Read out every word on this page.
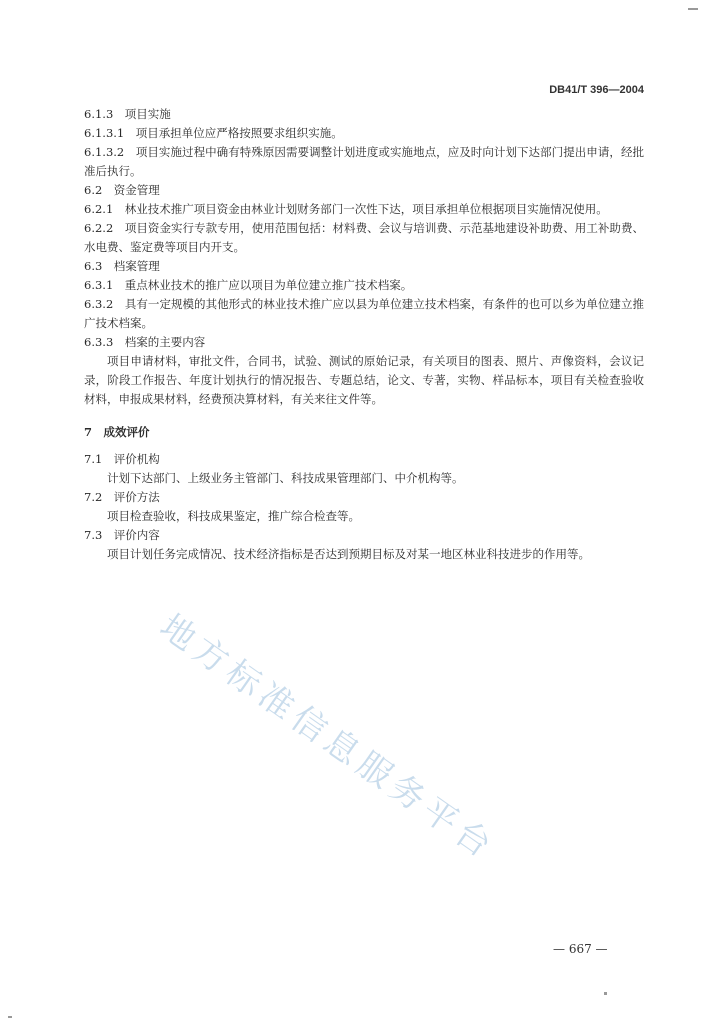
DB41/T 396—2004

6.1.3　项目实施

6.1.3.1　项目承担单位应严格按照要求组织实施。

6.1.3.2　项目实施过程中确有特殊原因需要调整计划进度或实施地点，应及时向计划下达部门提出申请，经批准后执行。

6.2　资金管理

6.2.1　林业技术推广项目资金由林业计划财务部门一次性下达，项目承担单位根据项目实施情况使用。

6.2.2　项目资金实行专款专用，使用范围包括：材料费、会议与培训费、示范基地建设补助费、用工补助费、水电费、鉴定费等项目内开支。

6.3　档案管理

6.3.1　重点林业技术的推广应以项目为单位建立推广技术档案。

6.3.2　具有一定规模的其他形式的林业技术推广应以县为单位建立技术档案，有条件的也可以乡为单位建立推广技术档案。

6.3.3　档案的主要内容

项目申请材料，审批文件，合同书，试验、测试的原始记录，有关项目的图表、照片、声像资料，会议记录，阶段工作报告、年度计划执行的情况报告、专题总结，论文、专著，实物、样品标本，项目有关检查验收材料，申报成果材料，经费预决算材料，有关来往文件等。

7　成效评价

7.1　评价机构

计划下达部门、上级业务主管部门、科技成果管理部门、中介机构等。

7.2　评价方法

项目检查验收，科技成果鉴定，推广综合检查等。

7.3　评价内容

项目计划任务完成情况、技术经济指标是否达到预期目标及对某一地区林业科技进步的作用等。

地方标准信息服务平台
— 667 —
